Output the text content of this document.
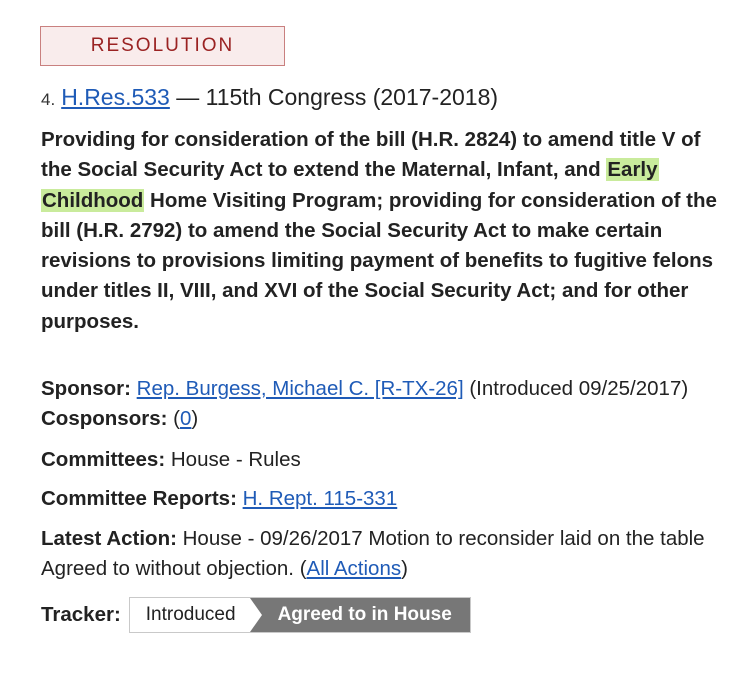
RESOLUTION
4. H.Res.533 — 115th Congress (2017-2018)
Providing for consideration of the bill (H.R. 2824) to amend title V of the Social Security Act to extend the Maternal, Infant, and Early Childhood Home Visiting Program; providing for consideration of the bill (H.R. 2792) to amend the Social Security Act to make certain revisions to provisions limiting payment of benefits to fugitive felons under titles II, VIII, and XVI of the Social Security Act; and for other purposes.
Sponsor: Rep. Burgess, Michael C. [R-TX-26] (Introduced 09/25/2017) Cosponsors: (0)
Committees: House - Rules
Committee Reports: H. Rept. 115-331
Latest Action: House - 09/26/2017 Motion to reconsider laid on the table Agreed to without objection. (All Actions)
Tracker:	Introduced	Agreed to in House
